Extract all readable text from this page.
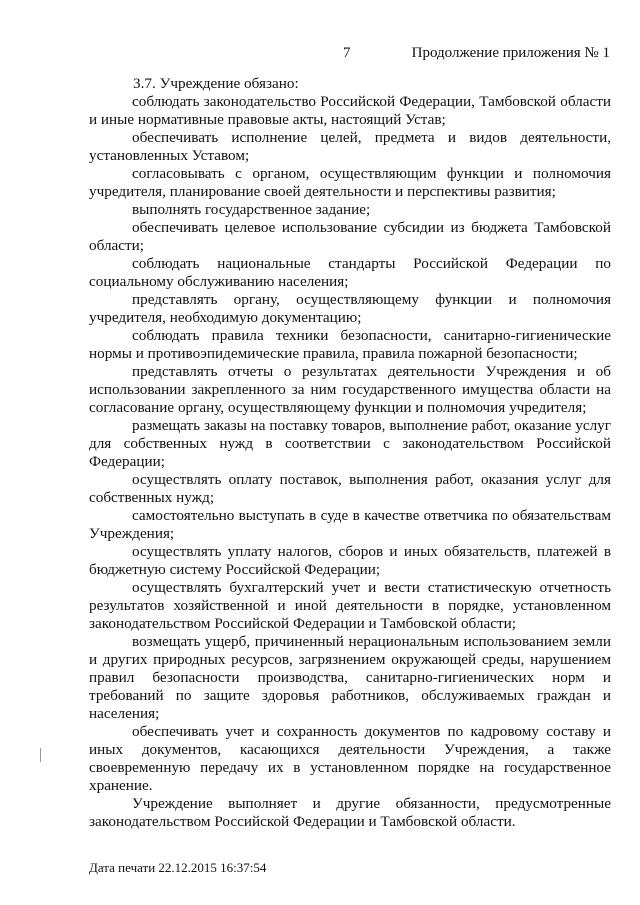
7	Продолжение приложения № 1

3.7. Учреждение обязано:

соблюдать законодательство Российской Федерации, Тамбовской области и иные нормативные правовые акты, настоящий Устав;

обеспечивать исполнение целей, предмета и видов деятельности, установленных Уставом;

согласовывать с органом, осуществляющим функции и полномочия учредителя, планирование своей деятельности и перспективы развития;

выполнять государственное задание;

обеспечивать целевое использование субсидии из бюджета Тамбовской области;

соблюдать национальные стандарты Российской Федерации по социальному обслуживанию населения;

представлять органу, осуществляющему функции и полномочия учредителя, необходимую документацию;

соблюдать правила техники безопасности, санитарно-гигиенические нормы и противоэпидемические правила, правила пожарной безопасности;

представлять отчеты о результатах деятельности Учреждения и об использовании закрепленного за ним государственного имущества области на согласование органу, осуществляющему функции и полномочия учредителя;

размещать заказы на поставку товаров, выполнение работ, оказание услуг для собственных нужд в соответствии с законодательством Российской Федерации;

осуществлять оплату поставок, выполнения работ, оказания услуг для собственных нужд;

самостоятельно выступать в суде в качестве ответчика по обязательствам Учреждения;

осуществлять уплату налогов, сборов и иных обязательств, платежей в бюджетную систему Российской Федерации;

осуществлять бухгалтерский учет и вести статистическую отчетность результатов хозяйственной и иной деятельности в порядке, установленном законодательством Российской Федерации и Тамбовской области;

возмещать ущерб, причиненный нерациональным использованием земли и других природных ресурсов, загрязнением окружающей среды, нарушением правил безопасности производства, санитарно-гигиенических норм и требований по защите здоровья работников, обслуживаемых граждан и населения;

обеспечивать учет и сохранность документов по кадровому составу и иных документов, касающихся деятельности Учреждения, а также своевременную передачу их в установленном порядке на государственное хранение.

Учреждение выполняет и другие обязанности, предусмотренные законодательством Российской Федерации и Тамбовской области.

Дата печати 22.12.2015 16:37:54
